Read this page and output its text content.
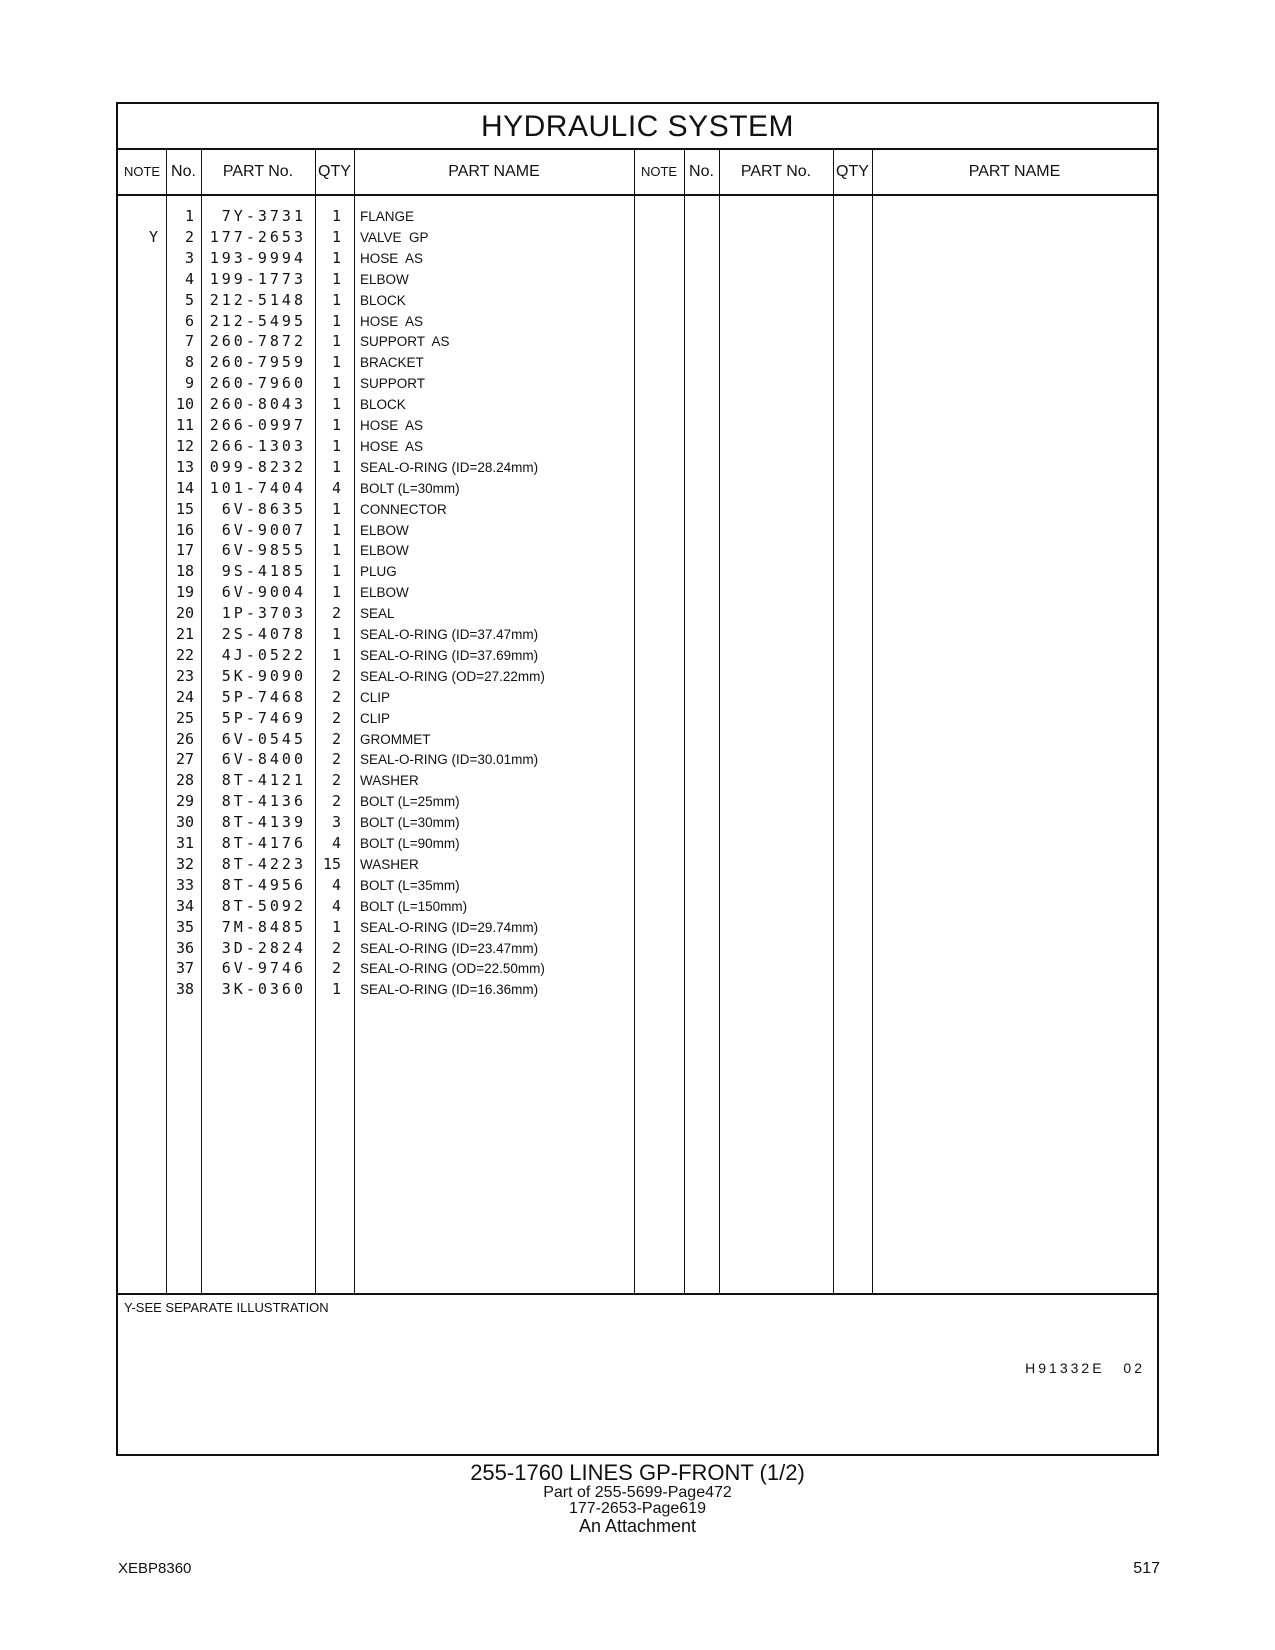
HYDRAULIC SYSTEM
NOTE No.	PART No.	QTY	PART NAME	NOTE No.	PART No.	QTY	PART NAME
1	7Y-3731	1 FLANGE
Y	2	177-2653	1 VALVE  GP
3	193-9994	1 HOSE  AS
4	199-1773	1 ELBOW
5	212-5148	1 BLOCK
6	212-5495	1 HOSE  AS
7	260-7872	1 SUPPORT  AS
8	260-7959	1 BRACKET
9	260-7960	1 SUPPORT
10	260-8043	1 BLOCK
11	266-0997	1 HOSE  AS
12	266-1303	1 HOSE  AS
13	099-8232	1 SEAL-O-RING (ID=28.24mm)
14	101-7404	4 BOLT (L=30mm)
15	6V-8635	1 CONNECTOR
16	6V-9007	1 ELBOW
17	6V-9855	1 ELBOW
18	9S-4185	1 PLUG
19	6V-9004	1 ELBOW
20	1P-3703	2 SEAL
21	2S-4078	1 SEAL-O-RING (ID=37.47mm)
22	4J-0522	1 SEAL-O-RING (ID=37.69mm)
23	5K-9090	2 SEAL-O-RING (OD=27.22mm)
24	5P-7468	2 CLIP
25	5P-7469	2 CLIP
26	6V-0545	2 GROMMET
27	6V-8400	2 SEAL-O-RING (ID=30.01mm)
28	8T-4121	2 WASHER
29	8T-4136	2 BOLT (L=25mm)
30	8T-4139	3 BOLT (L=30mm)
31	8T-4176	4 BOLT (L=90mm)
32	8T-4223	15 WASHER
33	8T-4956	4 BOLT (L=35mm)
34	8T-5092	4 BOLT (L=150mm)
35	7M-8485	1 SEAL-O-RING (ID=29.74mm)
36	3D-2824	2 SEAL-O-RING (ID=23.47mm)
37	6V-9746	2 SEAL-O-RING (OD=22.50mm)
38	3K-0360	1 SEAL-O-RING (ID=16.36mm)
Y-SEE SEPARATE ILLUSTRATION
H91332E 02
255-1760 LINES GP-FRONT (1/2)
Part of 255-5699-Page472
177-2653-Page619
An Attachment
XEBP8360	517
